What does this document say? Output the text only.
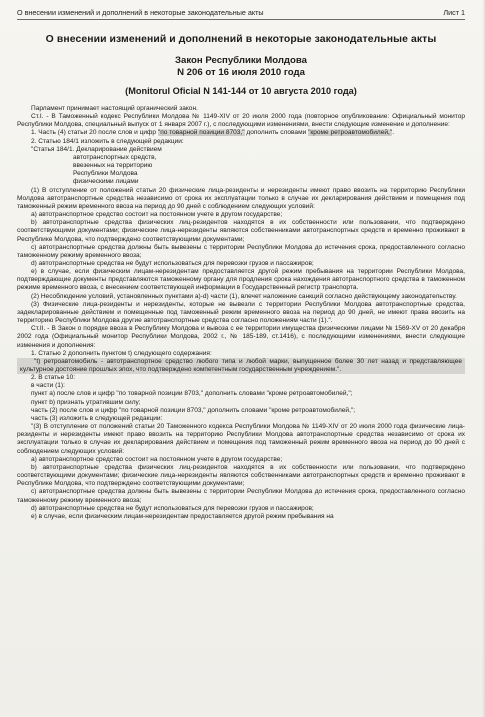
О внесении изменений и дополнений в некоторые законодательные акты	Лист 1
О внесении изменений и дополнений в некоторые законодательные акты
Закон Республики Молдова
N 206 от 16 июля 2010 года
(Monitorul Oficial N 141-144 от 10 августа 2010 года)

Парламент принимает настоящий органический закон.

Ст.I. - В Таможенный кодекс Республики Молдова № 1149-XIV от 20 июля 2000 года (повторное опубликование: Официальный монитор Республики Молдова, специальный выпуск от 1 января 2007 г.), с последующими изменениями, внести следующие изменение и дополнение:

1. Часть (4) статьи 20 после слов и цифр "по товарной позиции 8703," дополнить словами "кроме ретроавтомобилей,".

2. Статью 184/1 изложить в следующей редакции:

"Статья 184/1. Декларирование действием

автотранспортных средств,

ввезенных на территорию

Республики Молдова

физическими лицами

(1) В отступление от положений статьи 20 физические лица-резиденты и нерезиденты имеют право ввозить на территорию Республики Молдова автотранспортные средства независимо от срока их эксплуатации только в случае их декларирования действием и помещения под таможенный режим временного ввоза на период до 90 дней с соблюдением следующих условий:

a) автотранспортное средство состоит на постоянном учете в другом государстве;

b) автотранспортные средства физических лиц-резидентов находятся в их собственности или пользовании, что подтверждено соответствующими документами; физические лица-нерезиденты являются собственниками автотранспортных средств и временно проживают в Республике Молдова, что подтверждено соответствующими документами;

c) автотранспортные средства должны быть вывезены с территории Республики Молдова до истечения срока, предоставленного согласно таможенному режиму временного ввоза;

d) автотранспортные средства не будут использоваться для перевозки грузов и пассажиров;

e) в случае, если физическим лицам-нерезидентам предоставляется другой режим пребывания на территории Республики Молдова, подтверждающие документы представляются таможенному органу для продления срока нахождения автотранспортного средства в таможенном режиме временного ввоза, с внесением соответствующей информации в Государственный регистр транспорта.

(2) Несоблюдение условий, установленных пунктами a)-d) части (1), влечет наложение санкций согласно действующему законодательству.

(3) Физические лица-резиденты и нерезиденты, которые не вывезли с территории Республики Молдова автотранспортные средства, задекларированные действием и помещенные под таможенный режим временного ввоза на период до 90 дней, не имеют права ввозить на территорию Республики Молдова другие автотранспортные средства согласно положениям части (1).".

Ст.II. - В Закон о порядке ввоза в Республику Молдова и вывоза с ее территории имущества физическими лицами № 1569-XV от 20 декабря 2002 года (Официальный монитор Республики Молдова, 2002 г., № 185-189, ст.1416), с последующими изменениями, внести следующие изменения и дополнения:

1. Статью 2 дополнить пунктом t) следующего содержания:

"t) ретроавтомобиль - автотранспортное средство любого типа и любой марки, выпущенное более 30 лет назад и представляющее культурное достояние прошлых эпох, что подтверждено компетентным государственным учреждением.".

2. В статье 10:

в части (1):

пункт a) после слов и цифр "по товарной позиции 8703," дополнить словами "кроме ретроавтомобилей,";

пункт b) признать утратившим силу;

часть (2) после слов и цифр "по товарной позиции 8703," дополнить словами "кроме ретроавтомобилей,";

часть (3) изложить в следующей редакции:

"(3) В отступление от положений статьи 20 Таможенного кодекса Республики Молдова № 1149-XIV от 20 июля 2000 года физические лица-резиденты и нерезиденты имеют право ввозить на территорию Республики Молдова автотранспортные средства независимо от срока их эксплуатации только в случае их декларирования действием и помещения под таможенный режим временного ввоза на период до 90 дней с соблюдением следующих условий:

a) автотранспортное средство состоит на постоянном учете в другом государстве;

b) автотранспортные средства физических лиц-резидентов находятся в их собственности или пользовании, что подтверждено соответствующими документами; физические лица-нерезиденты являются собственниками автотранспортных средств и временно проживают в Республике Молдова, что подтверждено соответствующими документами;

c) автотранспортные средства должны быть вывезены с территории Республики Молдова до истечения срока, предоставленного согласно таможенному режиму временного ввоза;

d) автотранспортные средства не будут использоваться для перевозки грузов и пассажиров;

e) в случае, если физическим лицам-нерезидентам предоставляется другой режим пребывания на
